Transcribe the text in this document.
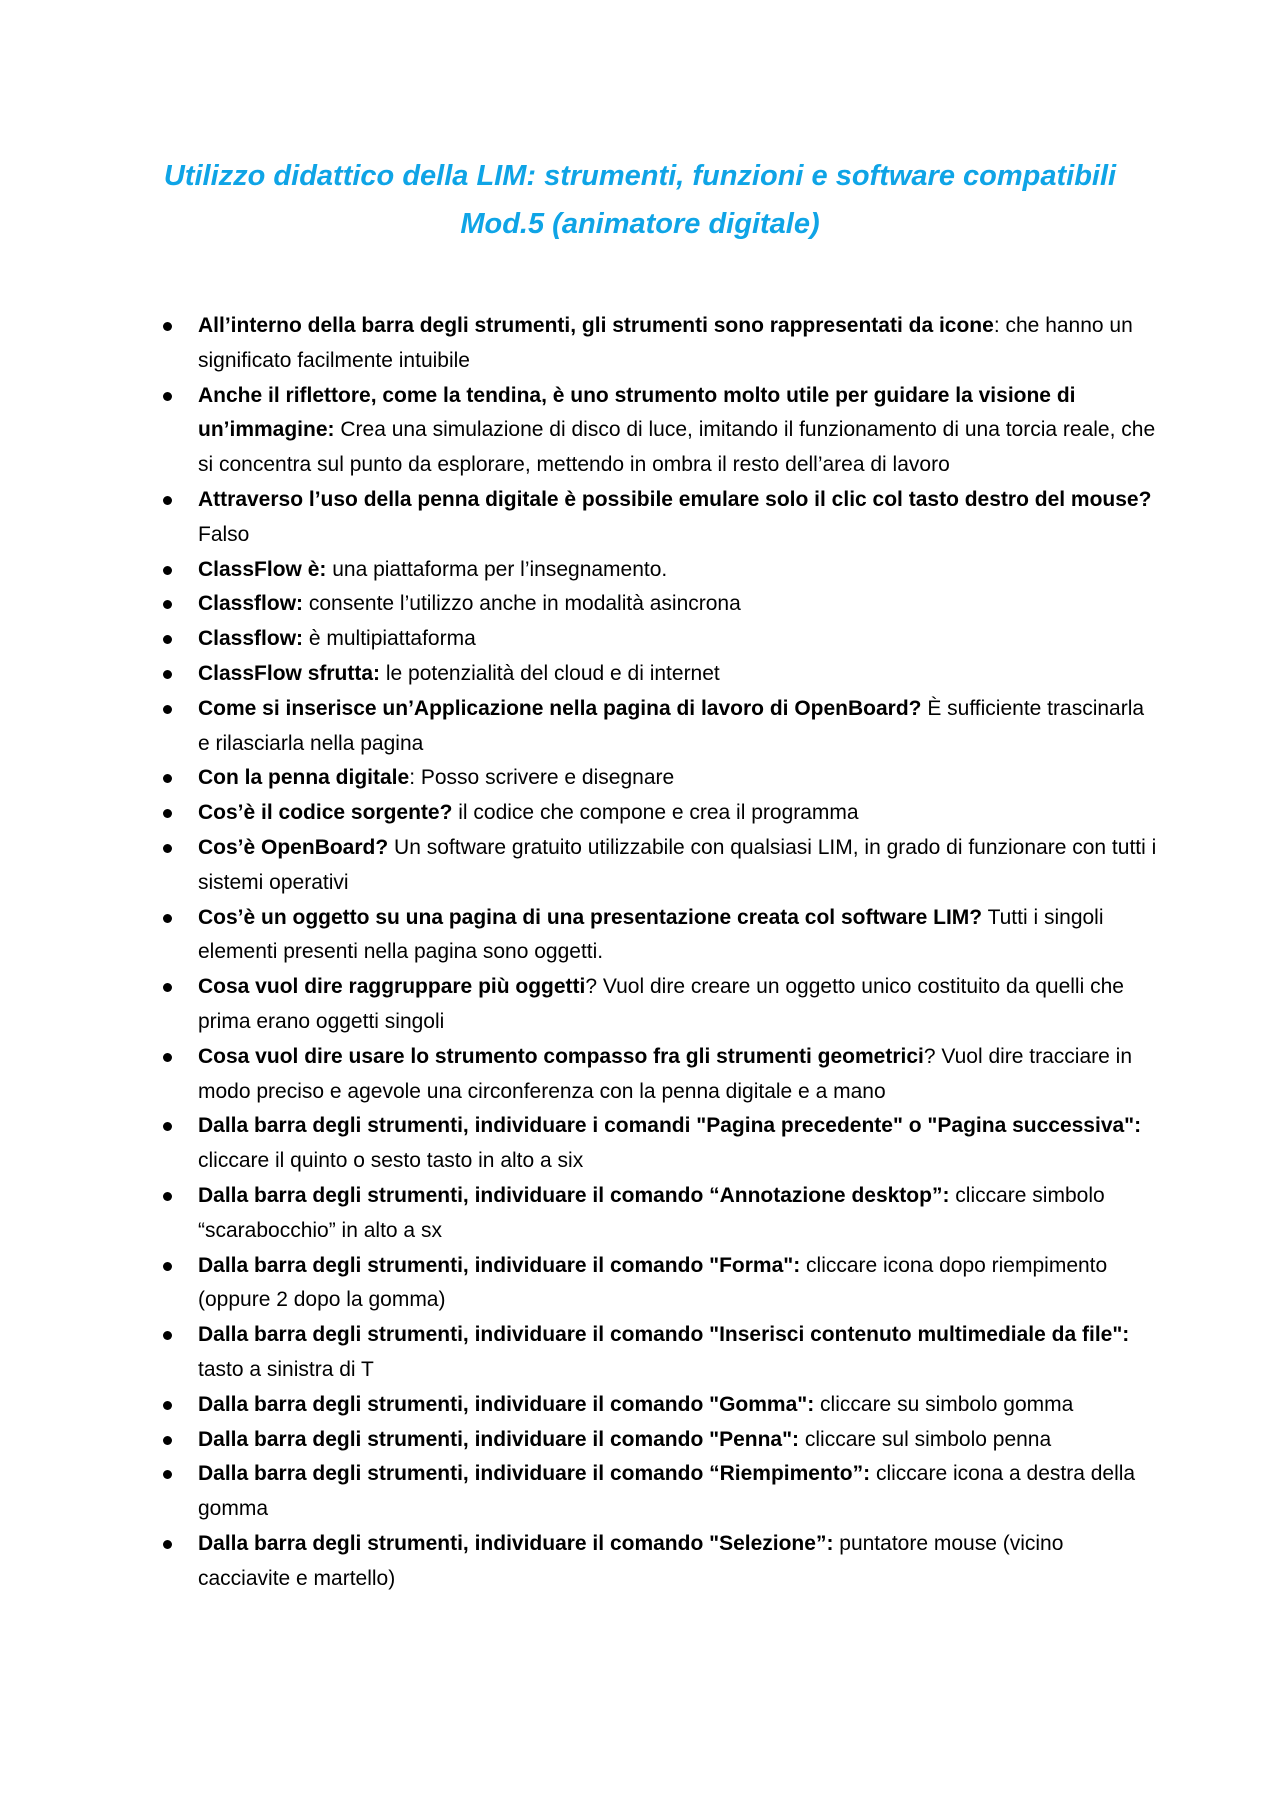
Utilizzo didattico della LIM: strumenti, funzioni e software compatibili
Mod.5 (animatore digitale)
All’interno della barra degli strumenti, gli strumenti sono rappresentati da icone: che hanno un significato facilmente intuibile
Anche il riflettore, come la tendina, è uno strumento molto utile per guidare la visione di un’immagine: Crea una simulazione di disco di luce, imitando il funzionamento di una torcia reale, che si concentra sul punto da esplorare, mettendo in ombra il resto dell’area di lavoro
Attraverso l’uso della penna digitale è possibile emulare solo il clic col tasto destro del mouse? Falso
ClassFlow è: una piattaforma per l’insegnamento.
Classflow: consente l’utilizzo anche in modalità asincrona
Classflow: è multipiattaforma
ClassFlow sfrutta: le potenzialità del cloud e di internet
Come si inserisce un’Applicazione nella pagina di lavoro di OpenBoard? È sufficiente trascinarla e rilasciarla nella pagina
Con la penna digitale: Posso scrivere e disegnare
Cos’è il codice sorgente? il codice che compone e crea il programma
Cos’è OpenBoard? Un software gratuito utilizzabile con qualsiasi LIM, in grado di funzionare con tutti i sistemi operativi
Cos’è un oggetto su una pagina di una presentazione creata col software LIM? Tutti i singoli elementi presenti nella pagina sono oggetti.
Cosa vuol dire raggruppare più oggetti? Vuol dire creare un oggetto unico costituito da quelli che prima erano oggetti singoli
Cosa vuol dire usare lo strumento compasso fra gli strumenti geometrici? Vuol dire tracciare in modo preciso e agevole una circonferenza con la penna digitale e a mano
Dalla barra degli strumenti, individuare i comandi "Pagina precedente" o "Pagina successiva": cliccare il quinto o sesto tasto in alto a six
Dalla barra degli strumenti, individuare il comando “Annotazione desktop”: cliccare simbolo “scarabocchio” in alto a sx
Dalla barra degli strumenti, individuare il comando "Forma": cliccare icona dopo riempimento (oppure 2 dopo la gomma)
Dalla barra degli strumenti, individuare il comando "Inserisci contenuto multimediale da file": tasto a sinistra di T
Dalla barra degli strumenti, individuare il comando "Gomma": cliccare su simbolo gomma
Dalla barra degli strumenti, individuare il comando "Penna": cliccare sul simbolo penna
Dalla barra degli strumenti, individuare il comando “Riempimento”: cliccare icona a destra della gomma
Dalla barra degli strumenti, individuare il comando "Selezione”: puntatore mouse (vicino cacciavite e martello)
